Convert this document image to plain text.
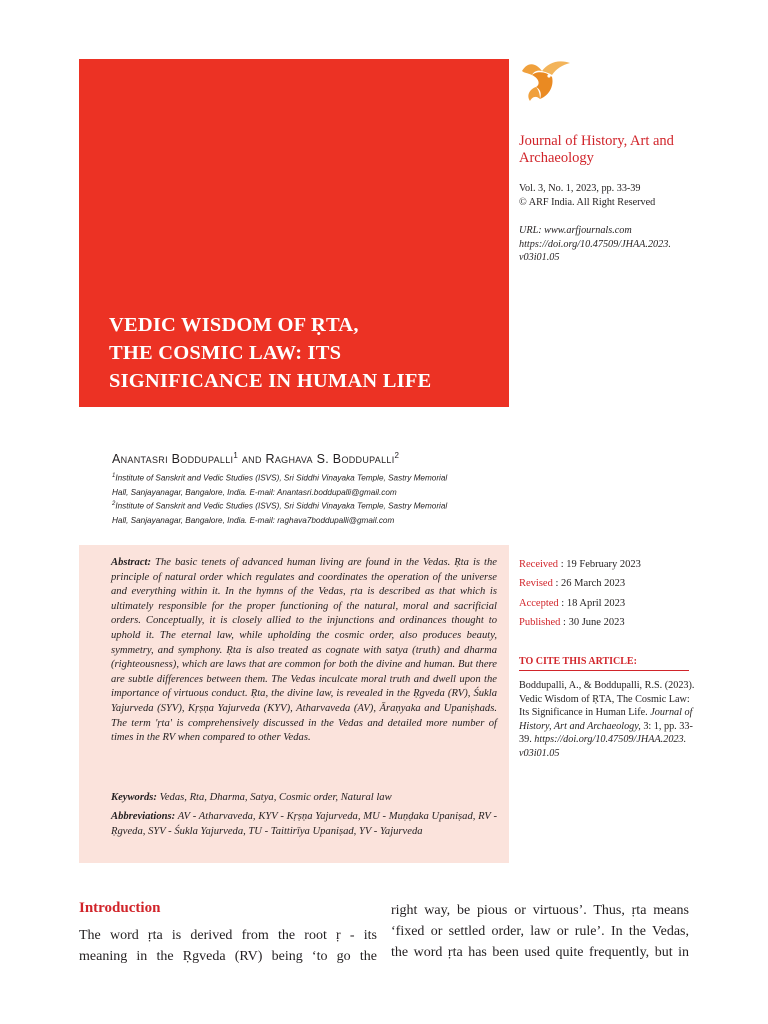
VEDIC WISDOM OF ṚTA,
THE COSMIC LAW: ITS
SIGNIFICANCE IN HUMAN LIFE
Journal of History, Art and
Archaeology
Vol. 3, No. 1, 2023, pp. 33-39
© ARF India. All Right Reserved
URL: www.arfjournals.com
https://doi.org/10.47509/JHAA.2023.
v03i01.05
Anantasri Boddupalli$^1$ and Raghava S. Boddupalli$^2$
$^1$Institute of Sanskrit and Vedic Studies (ISVS), Sri Siddhi Vinayaka Temple, Sastry Memorial
Hall, Sanjayanagar, Bangalore, India. E-mail: Anantasri.boddupalli@gmail.com
$^2$Institute of Sanskrit and Vedic Studies (ISVS), Sri Siddhi Vinayaka Temple, Sastry Memorial
Hall, Sanjayanagar, Bangalore, India. E-mail: raghava7boddupalli@gmail.com
Abstract: The basic tenets of advanced human living are found in the Vedas. Ṛta is the principle of natural order which regulates and coordinates the operation of the universe and everything within it. In the hymns of the Vedas, ṛta is described as that which is ultimately responsible for the proper functioning of the natural, moral and sacrificial orders. Conceptually, it is closely allied to the injunctions and ordinances thought to uphold it. The eternal law, while upholding the cosmic order, also produces beauty, symmetry, and symphony. Ṛta is also treated as cognate with satya (truth) and dharma (righteousness), which are laws that are common for both the divine and human. But there are subtle differences between them. The Vedas inculcate moral truth and dwell upon the importance of virtuous conduct. Ṛta, the divine law, is revealed in the Ṛgveda (RV), Śukla Yajurveda (SYV), Kṛṣṇa Yajurveda (KYV), Atharvaveda (AV), Āraṇyaka and Upaniṣhads. The term 'ṛta' is comprehensively discussed in the Vedas and detailed more number of times in the RV when compared to other Vedas.
Keywords: Vedas, Rta, Dharma, Satya, Cosmic order, Natural law
Abbreviations: AV - Atharvaveda, KYV - Kṛṣṇa Yajurveda, MU - Muṇḍaka Upaniṣad, RV - Ṛgveda, SYV - Śukla Yajurveda, TU - Taittirīya Upaniṣad, YV - Yajurveda
Received : 19 February 2023
Revised : 26 March 2023
Accepted : 18 April 2023
Published : 30 June 2023
TO CITE THIS ARTICLE:
Boddupalli, A., & Boddupalli, R.S. (2023). Vedic Wisdom of ṚTA, The Cosmic Law: Its Significance in Human Life. Journal of History, Art and Archaeology, 3: 1, pp. 33-39. https://doi.org/10.47509/JHAA.2023. v03i01.05
Introduction
The word ṛta is derived from the root ṛ - its
meaning in the Ṛgveda (RV) being ‘to go the
right way, be pious or virtuous’. Thus, ṛta means
‘fixed or settled order, law or rule’. In the Vedas,
the word ṛta has been used quite frequently, but in
